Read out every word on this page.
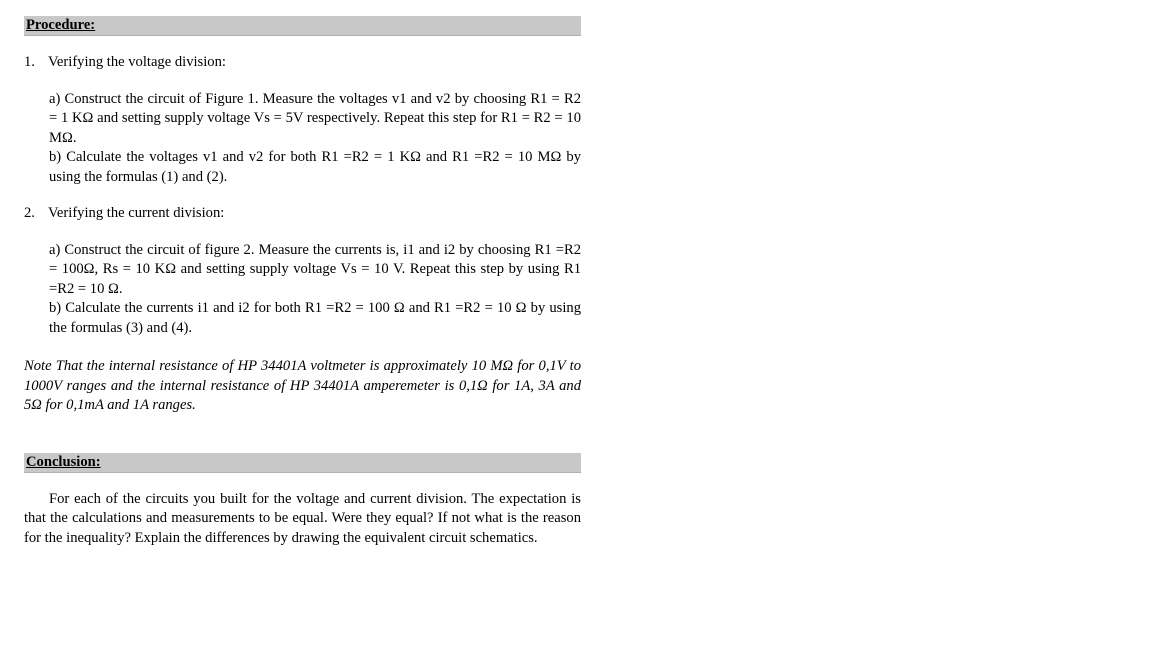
Procedure:

1. Verifying the voltage division:

a) Construct the circuit of Figure 1. Measure the voltages v1 and v2 by choosing R1 = R2 = 1 KΩ and setting supply voltage Vs = 5V respectively. Repeat this step for R1 = R2 = 10 MΩ.

b) Calculate the voltages v1 and v2 for both R1 =R2 = 1 KΩ and R1 =R2 = 10 MΩ by using the formulas (1) and (2).

2. Verifying the current division:

a) Construct the circuit of figure 2. Measure the currents is, i1 and i2 by choosing R1 =R2 = 100Ω, Rs = 10 KΩ and setting supply voltage Vs = 10 V. Repeat this step by using R1 =R2 = 10 Ω.

b) Calculate the currents i1 and i2 for both R1 =R2 = 100 Ω and R1 =R2 = 10 Ω by using the formulas (3) and (4).

Note That the internal resistance of HP 34401A voltmeter is approximately 10 MΩ for 0,1V to 1000V ranges and the internal resistance of HP 34401A amperemeter is 0,1Ω for 1A, 3A and 5Ω for 0,1mA and 1A ranges.

Conclusion:

For each of the circuits you built for the voltage and current division. The expectation is that the calculations and measurements to be equal. Were they equal? If not what is the reason for the inequality? Explain the differences by drawing the equivalent circuit schematics.
